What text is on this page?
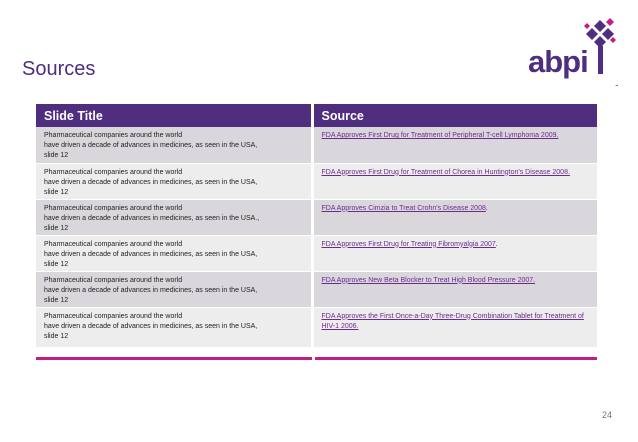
Sources	abpi
Slide Title	Source

Pharmaceutical companies around the world
have driven a decade of advances in medicines, as seen in the USA,
slide 12	FDA Approves First Drug for Treatment of Peripheral T-cell Lymphoma 2009.

Pharmaceutical companies around the world
have driven a decade of advances in medicines, as seen in the USA,
slide 12	FDA Approves First Drug for Treatment of Chorea in Huntington's Disease 2008.

Pharmaceutical companies around the world
have driven a decade of advances in medicines, as seen in the USA.,
slide 12	FDA Approves Cimzia to Treat Crohn's Disease 2008.

Pharmaceutical companies around the world
have driven a decade of advances in medicines, as seen in the USA,
slide 12	FDA Approves First Drug for Treating Fibromyalgia 2007.

Pharmaceutical companies around the world
have driven a decade of advances in medicines, as seen in the USA,
slide 12	FDA Approves New Beta Blocker to Treat High Blood Pressure 2007.

Pharmaceutical companies around the world
have driven a decade of advances in medicines, as seen in the USA,
slide 12	FDA Approves the First Once-a-Day Three-Drug Combination Tablet for Treatment of HIV-1 2006.
24
